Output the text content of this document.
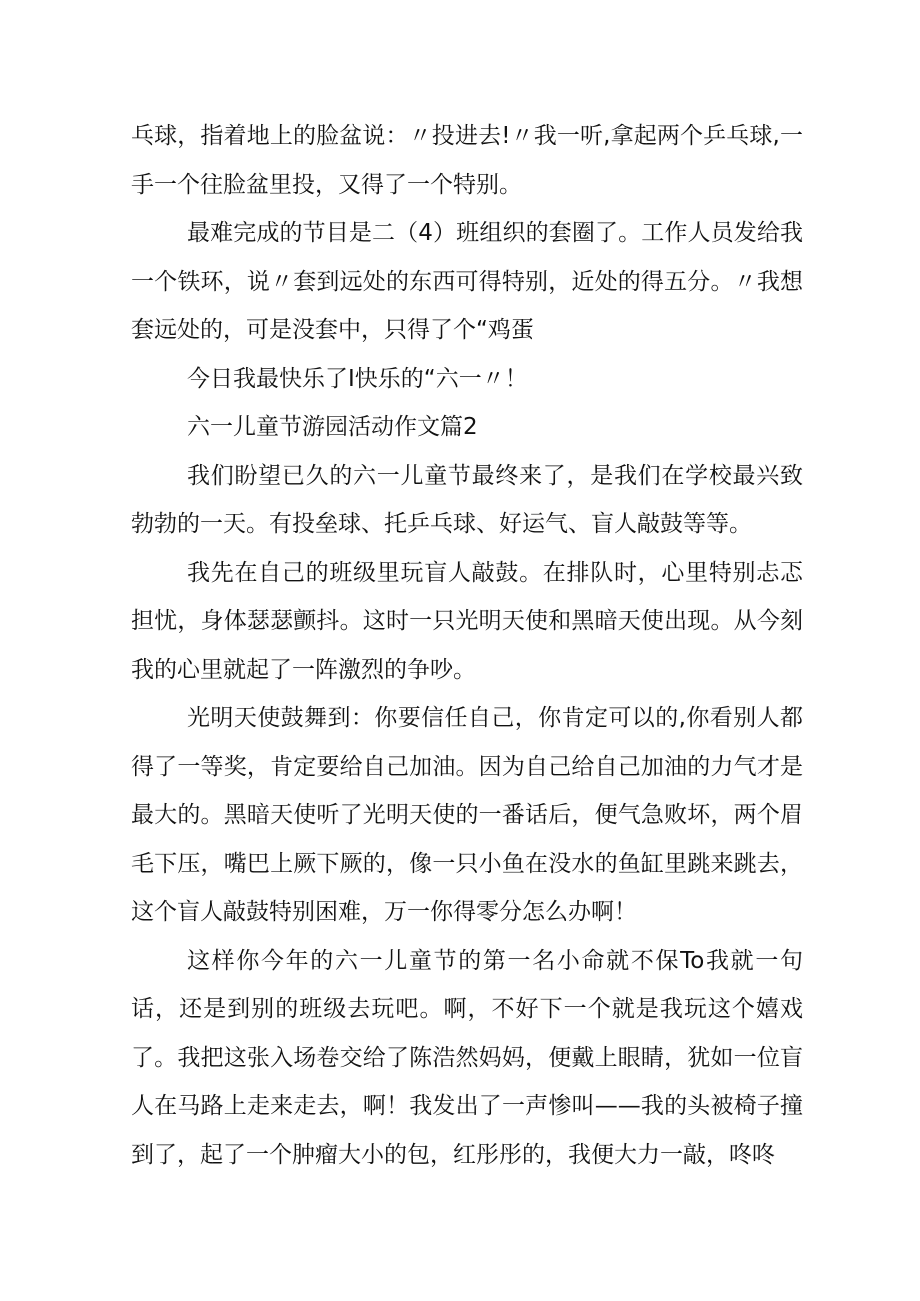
乓球，指着地上的脸盆说：〃投进去!〃我一听,拿起两个乒乓球,一手一个往脸盆里投，又得了一个特别。

最难完成的节目是二（4）班组织的套圈了。工作人员发给我一个铁环，说〃套到远处的东西可得特别，近处的得五分。〃我想套远处的，可是没套中，只得了个“鸡蛋

今日我最快乐了I快乐的“六一〃！

六一儿童节游园活动作文篇2

我们盼望已久的六一儿童节最终来了，是我们在学校最兴致勃勃的一天。有投垒球、托乒乓球、好运气、盲人敲鼓等等。

我先在自己的班级里玩盲人敲鼓。在排队时，心里特别忐忑担忧，身体瑟瑟颤抖。这时一只光明天使和黑暗天使出现。从今刻我的心里就起了一阵激烈的争吵。

光明天使鼓舞到：你要信任自己，你肯定可以的,你看别人都得了一等奖，肯定要给自己加油。因为自己给自己加油的力气才是最大的。黑暗天使听了光明天使的一番话后，便气急败坏，两个眉毛下压，嘴巴上厥下厥的，像一只小鱼在没水的鱼缸里跳来跳去，这个盲人敲鼓特别困难，万一你得零分怎么办啊！

这样你今年的六一儿童节的第一名小命就不保To我就一句话，还是到别的班级去玩吧。啊，不好下一个就是我玩这个嬉戏了。我把这张入场卷交给了陈浩然妈妈，便戴上眼睛，犹如一位盲人在马路上走来走去，啊！我发出了一声惨叫——我的头被椅子撞到了，起了一个肿瘤大小的包，红彤彤的，我便大力一敲，咚咚
